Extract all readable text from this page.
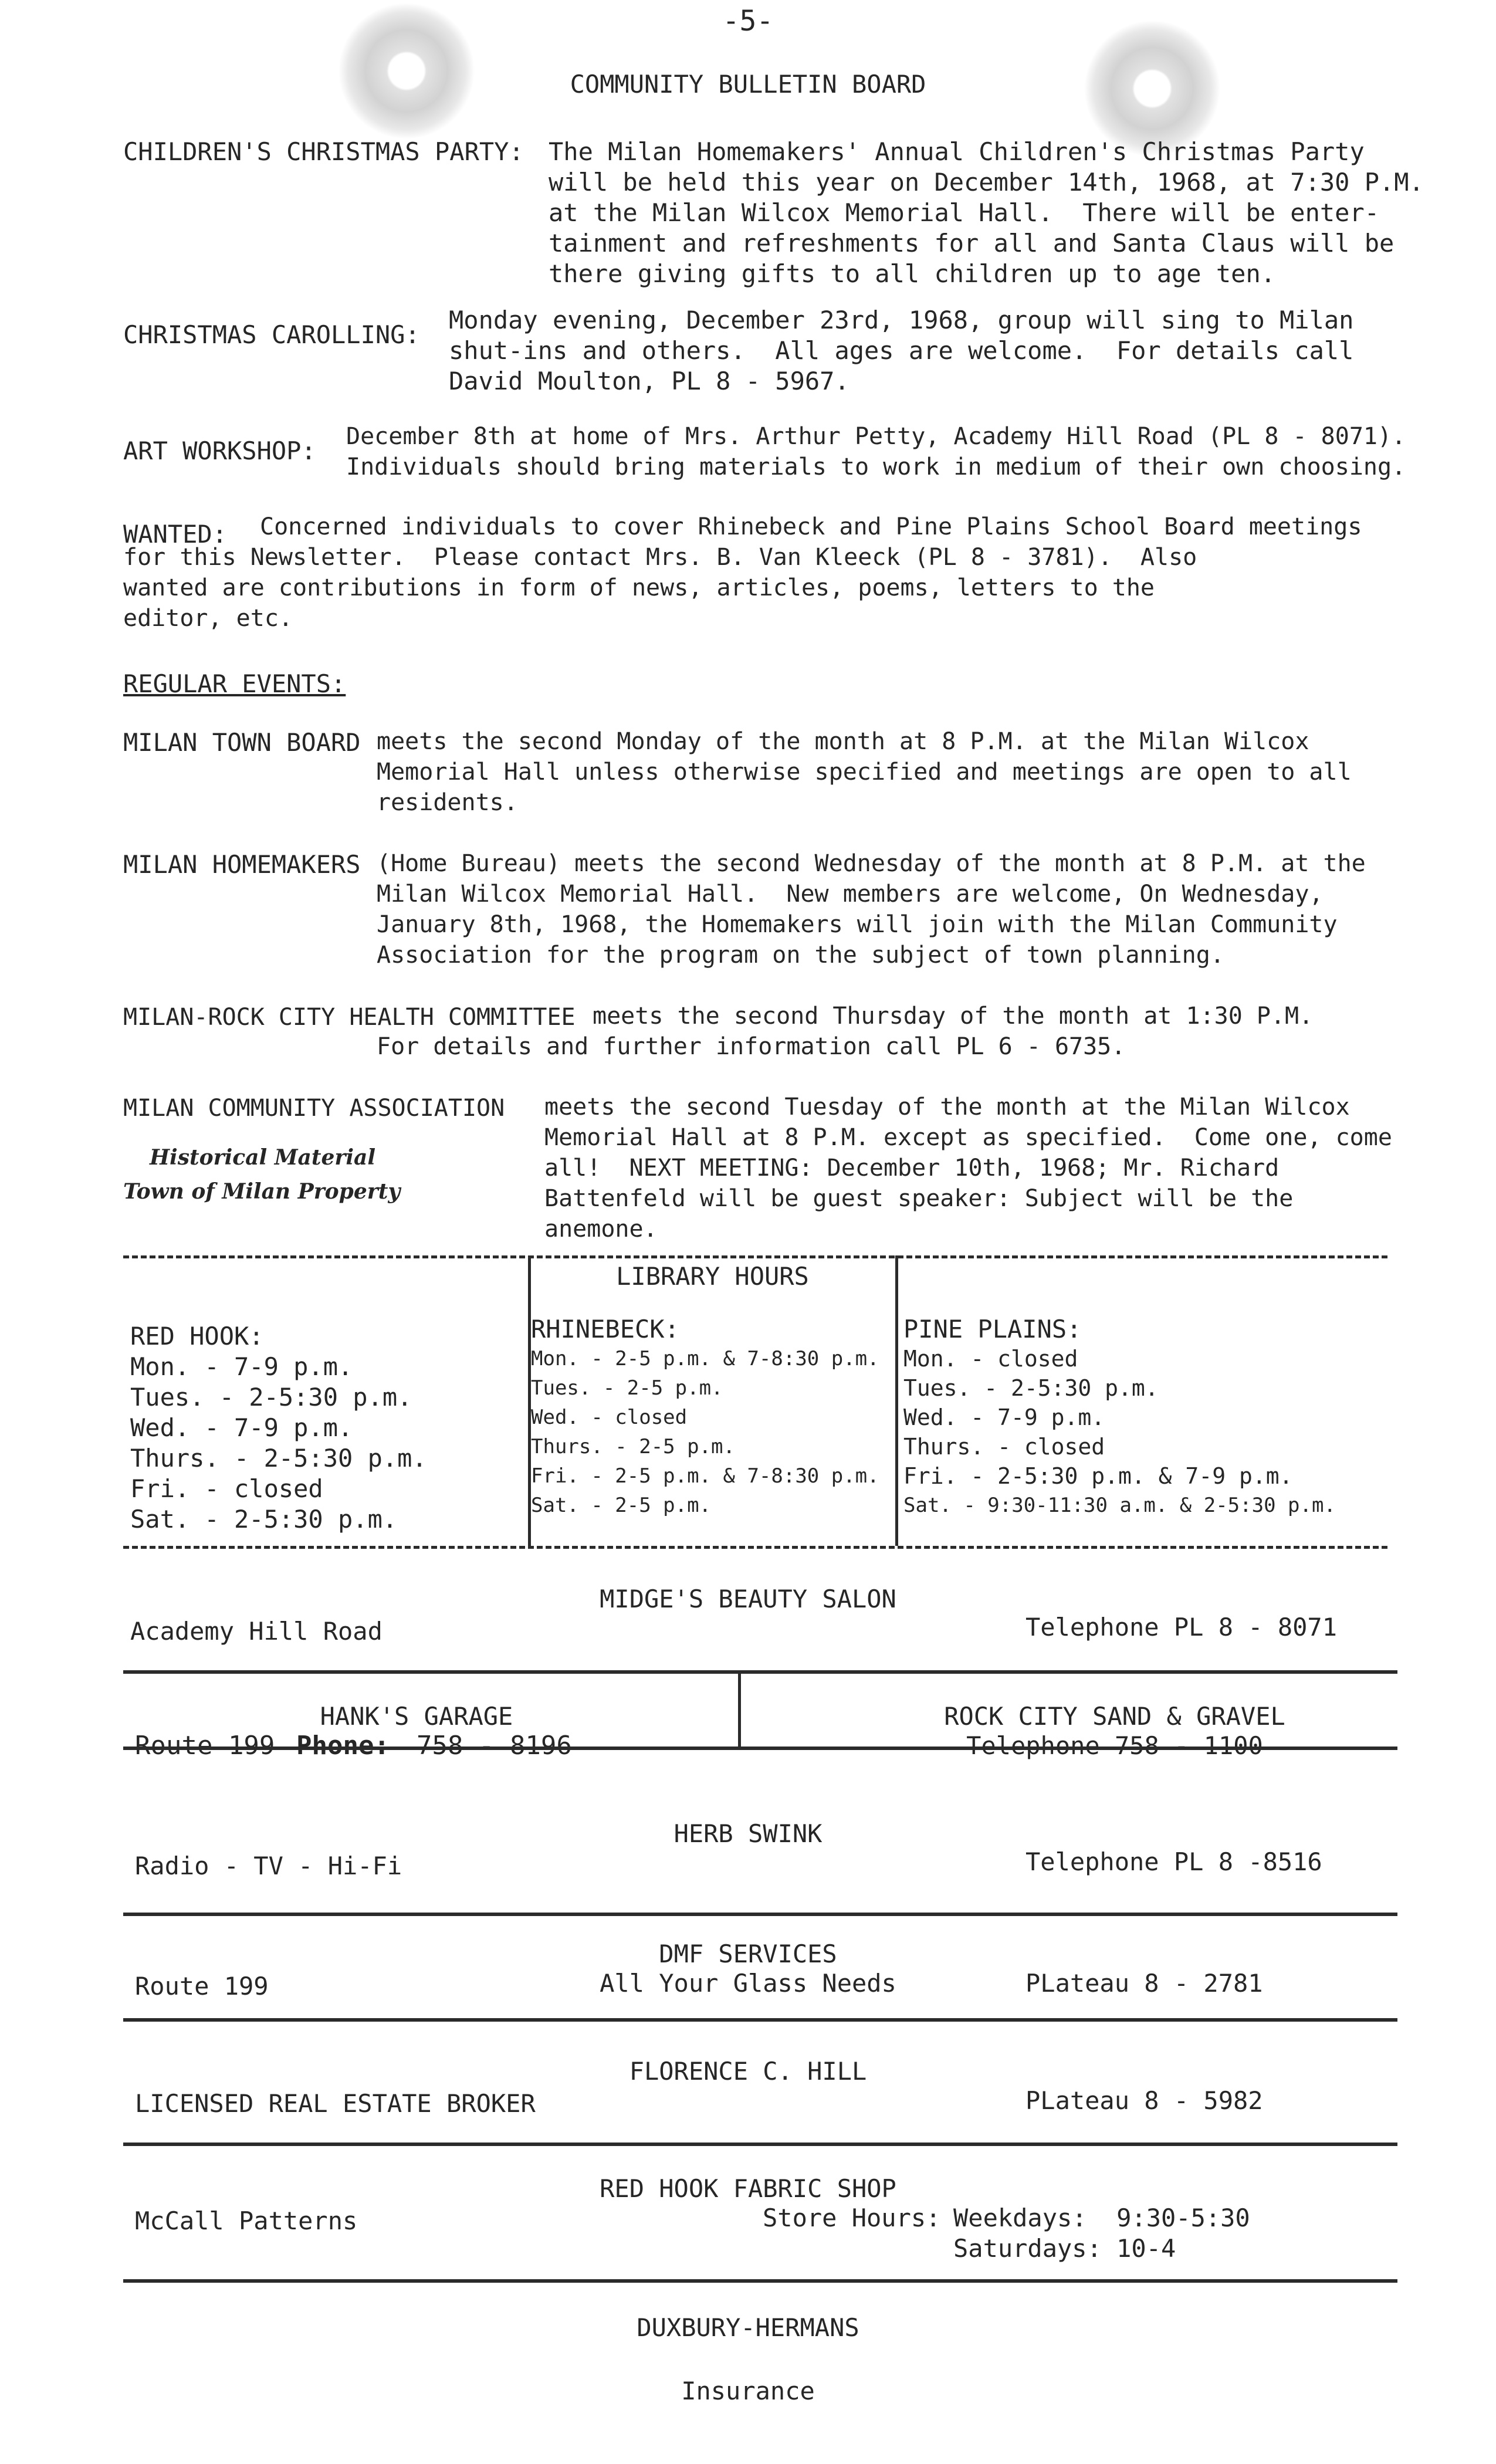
-5-
COMMUNITY BULLETIN BOARD
CHILDREN'S CHRISTMAS PARTY: The Milan Homemakers' Annual Children's Christmas Party
will be held this year on December 14th, 1968, at 7:30 P.M.
at the Milan Wilcox Memorial Hall.  There will be enter-
tainment and refreshments for all and Santa Claus will be
there giving gifts to all children up to age ten.
CHRISTMAS CAROLLING:
Monday evening, December 23rd, 1968, group will sing to Milan
shut-ins and others.  All ages are welcome.  For details call
David Moulton, PL 8 - 5967.
ART WORKSHOP: December 8th at home of Mrs. Arthur Petty, Academy Hill Road (PL 8 - 8071).
Individuals should bring materials to work in medium of their own choosing.
WANTED: Concerned individuals to cover Rhinebeck and Pine Plains School Board meetings
for this Newsletter.  Please contact Mrs. B. Van Kleeck (PL 8 - 3781).  Also
wanted are contributions in form of news, articles, poems, letters to the
editor, etc.
REGULAR EVENTS:
MILAN TOWN BOARD meets the second Monday of the month at 8 P.M. at the Milan Wilcox
Memorial Hall unless otherwise specified and meetings are open to all
residents.
MILAN HOMEMAKERS (Home Bureau) meets the second Wednesday of the month at 8 P.M. at the
Milan Wilcox Memorial Hall.  New members are welcome, On Wednesday,
January 8th, 1968, the Homemakers will join with the Milan Community
Association for the program on the subject of town planning.
MILAN-ROCK CITY HEALTH COMMITTEE meets the second Thursday of the month at 1:30 P.M.
For details and further information call PL 6 - 6735.
MILAN COMMUNITY ASSOCIATION meets the second Tuesday of the month at the Milan Wilcox
Memorial Hall at 8 P.M. except as specified.  Come one, come
all!  NEXT MEETING: December 10th, 1968; Mr. Richard
Battenfeld will be guest speaker: Subject will be the
anemone.
Historical Material
Town of Milan Property
LIBRARY HOURS
RED HOOK:
Mon. - 7-9 p.m.
Tues. - 2-5:30 p.m.
Wed. - 7-9 p.m.
Thurs. - 2-5:30 p.m.
Fri. - closed
Sat. - 2-5:30 p.m.
RHINEBECK:
Mon. - 2-5 p.m. & 7-8:30 p.m.
Tues. - 2-5 p.m.
Wed. - closed
Thurs. - 2-5 p.m.
Fri. - 2-5 p.m. & 7-8:30 p.m.
Sat. - 2-5 p.m.
PINE PLAINS:
Mon. - closed
Tues. - 2-5:30 p.m.
Wed. - 7-9 p.m.
Thurs. - closed
Fri. - 2-5:30 p.m. & 7-9 p.m.
Sat. - 9:30-11:30 a.m. & 2-5:30 p.m.
MIDGE'S BEAUTY SALON
Academy Hill Road	Telephone PL 8 - 8071
HANK'S GARAGE
Route 199 Phone: 758 - 8196
ROCK CITY SAND & GRAVEL
Telephone 758 - 1100
HERB SWINK
Radio - TV - Hi-Fi	Telephone PL 8 -8516
DMF SERVICES
All Your Glass Needs
Route 199	PLateau 8 - 2781
FLORENCE C. HILL
LICENSED REAL ESTATE BROKER	PLateau 8 - 5982
RED HOOK FABRIC SHOP
McCall Patterns	Store Hours: Weekdays:  9:30-5:30
Saturdays: 10-4
DUXBURY-HERMANS
Insurance
